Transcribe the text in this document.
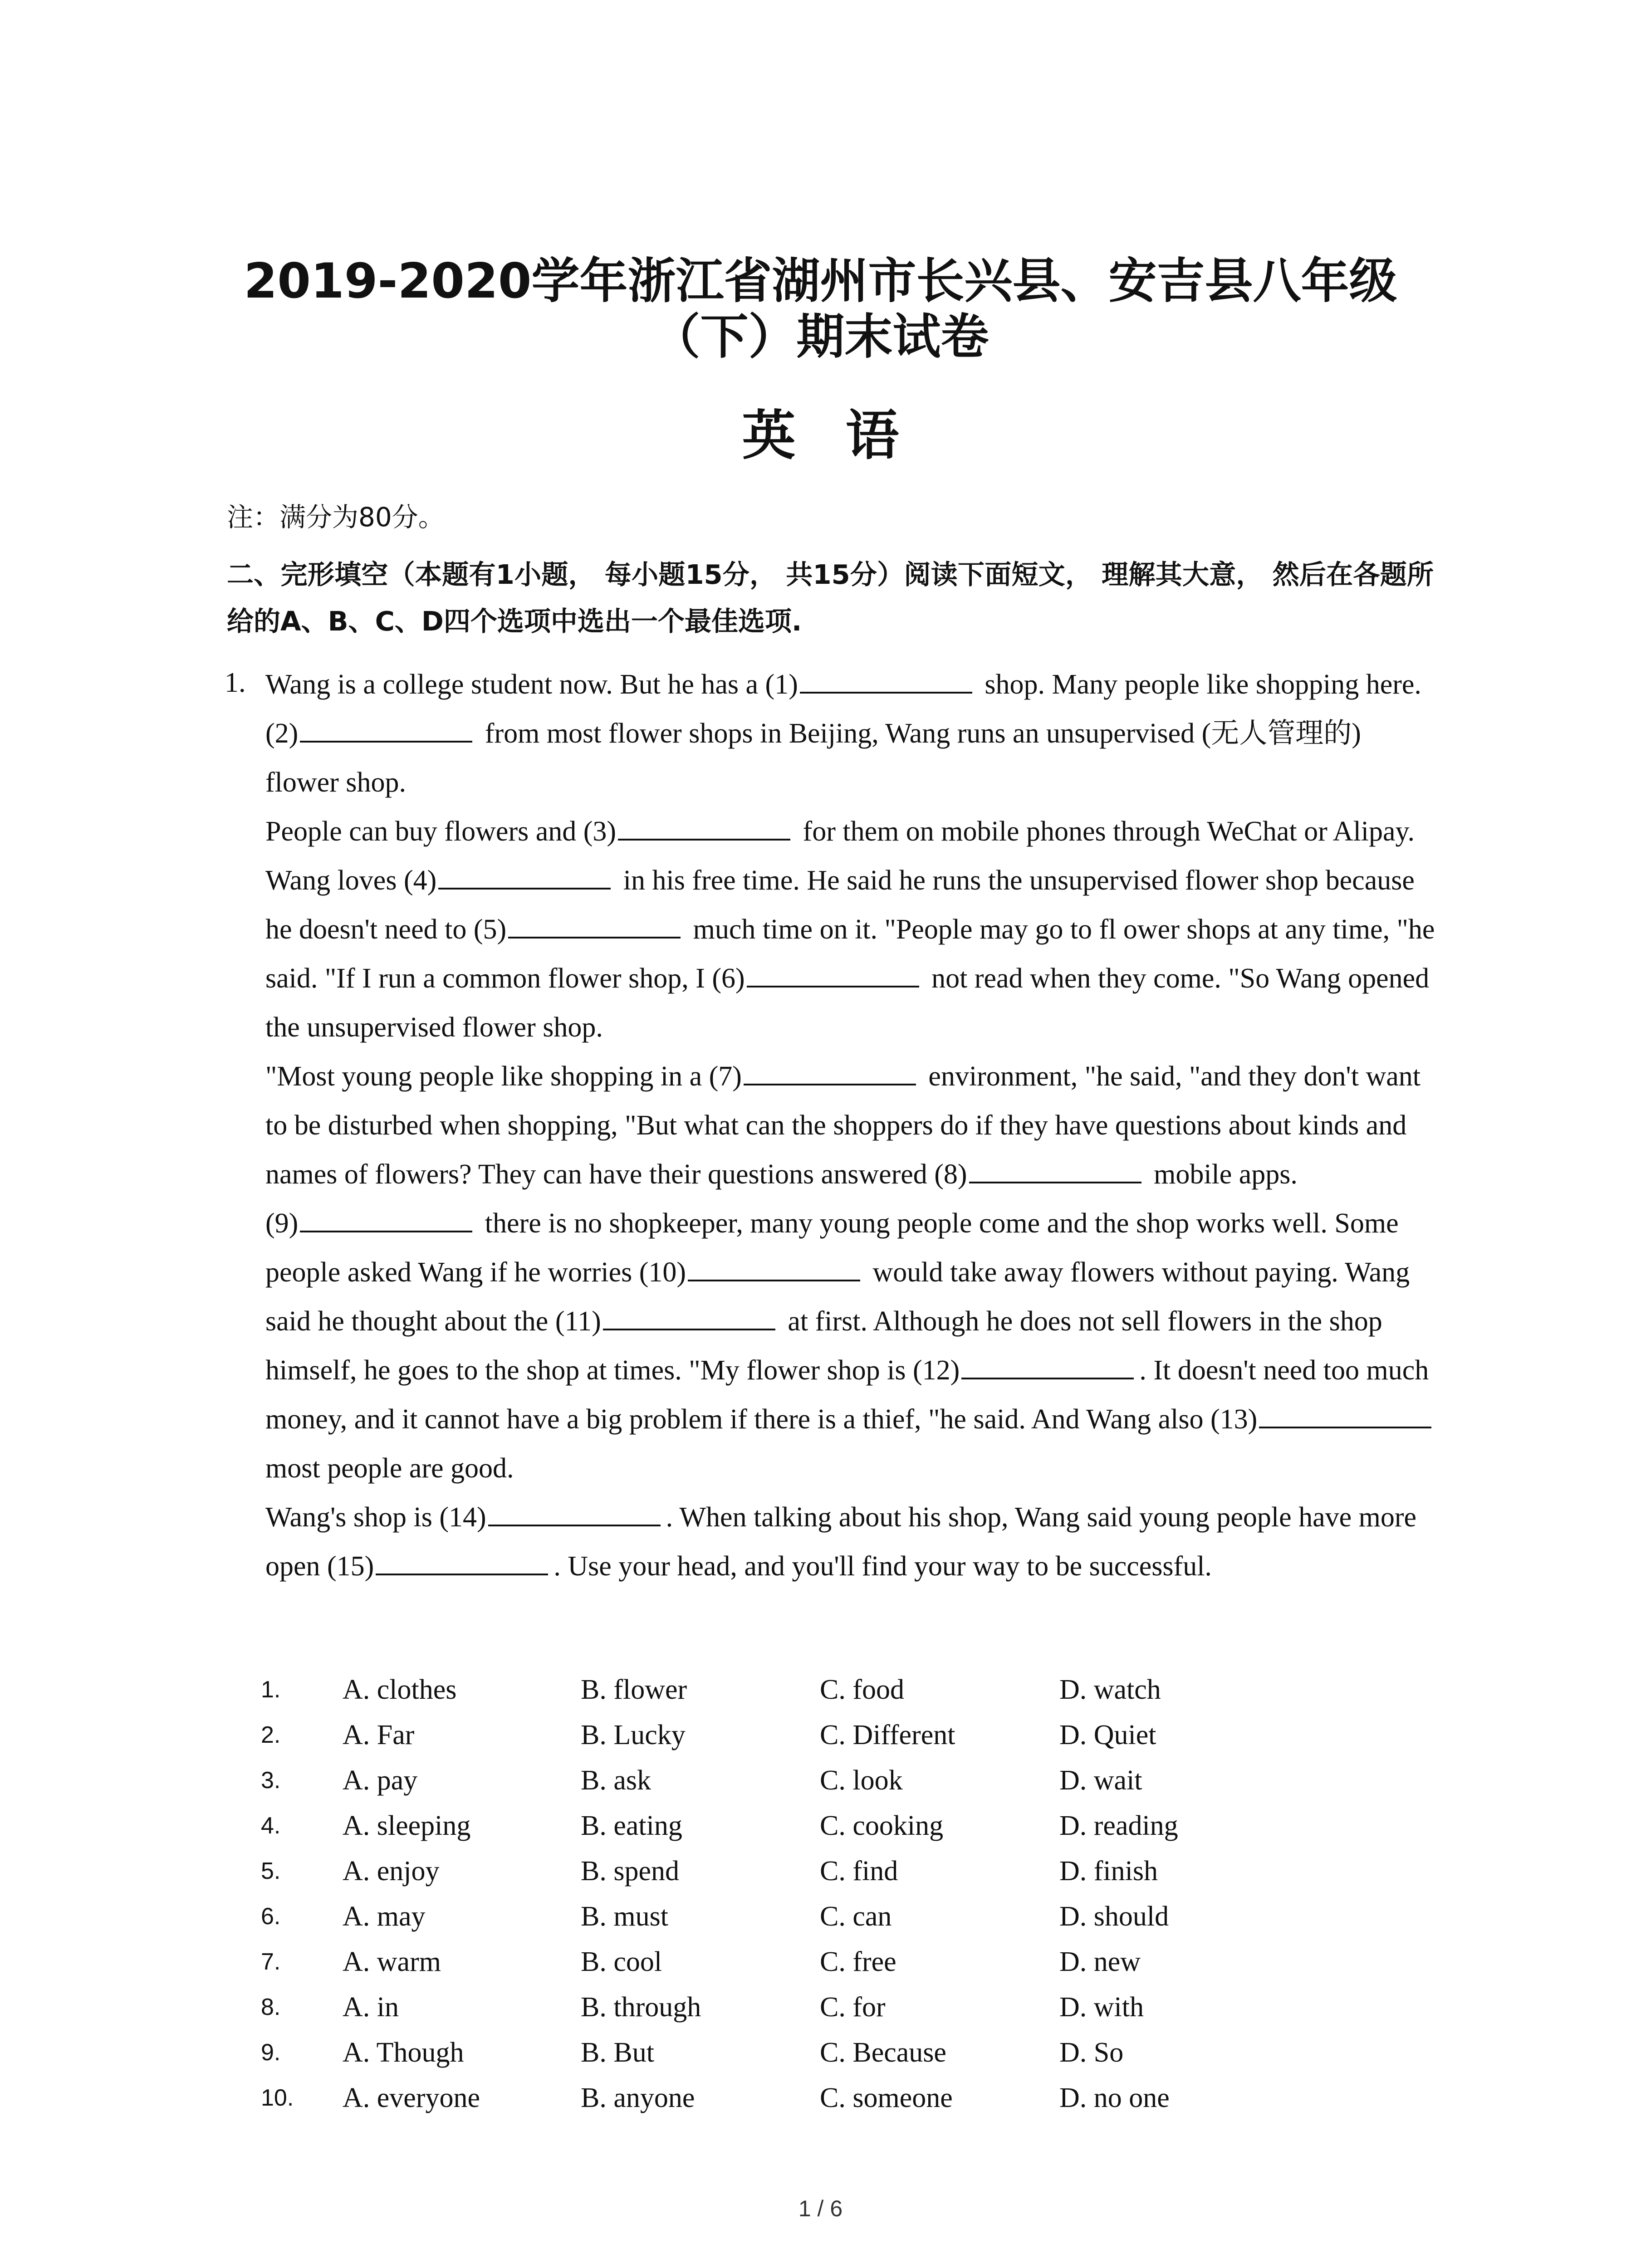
2019-2020学年浙江省湖州市长兴县、安吉县八年级
（下）期末试卷
英语
注：满分为80分。
二、完形填空（本题有1小题， 每小题15分， 共15分）阅读下面短文， 理解其大意， 然后在各题所给的A、B、C、D四个选项中选出一个最佳选项.
1. Wang is a college student now. But he has a (1)	shop. Many people like shopping here. (2)	from most flower shops in Beijing, Wang runs an unsupervised (无人管理的) flower shop.

People can buy flowers and (3)	for them on mobile phones through WeChat or Alipay.

Wang loves (4)	in his free time. He said he runs the unsupervised flower shop because he doesn't need to (5)	much time on it. "People may go to fl ower shops at any time, "he said. "If I run a common flower shop, I (6)	not read when they come. "So Wang opened the unsupervised flower shop.

"Most young people like shopping in a (7)	environment, "he said, "and they don't want to be disturbed when shopping, "But what can the shoppers do if they have questions about kinds and names of flowers? They can have their questions answered (8)	mobile apps.

(9)	there is no shopkeeper, many young people come and the shop works well. Some people asked Wang if he worries (10)	would take away flowers without paying. Wang said he thought about the (11)	at first. Although he does not sell flowers in the shop himself, he goes to the shop at times. "My flower shop is (12)	. It doesn't need too much money, and it cannot have a big problem if there is a thief, "he said. And Wang also (13) most people are good.

Wang's shop is (14)	. When talking about his shop, Wang said young people have more open (15)	. Use your head, and you'll find your way to be successful.

1. A. clothes	B. flower	C. food	D. watch
2. A. Far	B. Lucky	C. Different	D. Quiet
3. A. pay	B. ask	C. look	D. wait
4. A. sleeping	B. eating	C. cooking	D. reading
5. A. enjoy	B. spend	C. find	D. finish
6. A. may	B. must	C. can	D. should
7. A. warm	B. cool	C. free	D. new
8. A. in	B. through	C. for	D. with
9. A. Though	B. But	C. Because	D. So
10. A. everyone	B. anyone	C. someone	D. no one
1 / 6
